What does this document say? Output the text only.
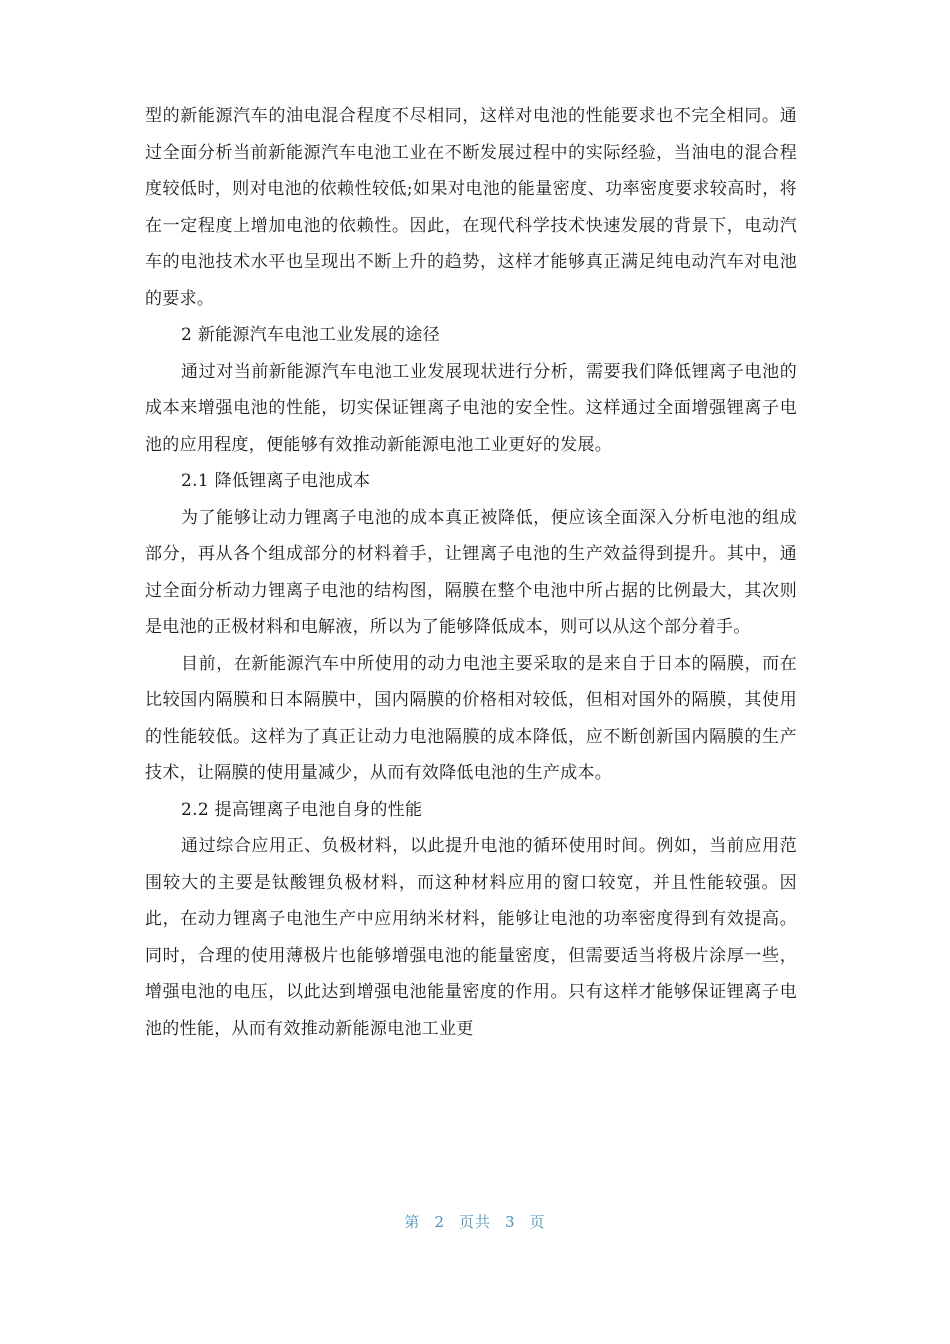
型的新能源汽车的油电混合程度不尽相同，这样对电池的性能要求也不完全相同。通过全面分析当前新能源汽车电池工业在不断发展过程中的实际经验，当油电的混合程度较低时，则对电池的依赖性较低;如果对电池的能量密度、功率密度要求较高时，将在一定程度上增加电池的依赖性。因此，在现代科学技术快速发展的背景下，电动汽车的电池技术水平也呈现出不断上升的趋势，这样才能够真正满足纯电动汽车对电池的要求。

2 新能源汽车电池工业发展的途径

通过对当前新能源汽车电池工业发展现状进行分析，需要我们降低锂离子电池的成本来增强电池的性能，切实保证锂离子电池的安全性。这样通过全面增强锂离子电池的应用程度，便能够有效推动新能源电池工业更好的发展。

2.1 降低锂离子电池成本

为了能够让动力锂离子电池的成本真正被降低，便应该全面深入分析电池的组成部分，再从各个组成部分的材料着手，让锂离子电池的生产效益得到提升。其中，通过全面分析动力锂离子电池的结构图，隔膜在整个电池中所占据的比例最大，其次则是电池的正极材料和电解液，所以为了能够降低成本，则可以从这个部分着手。

目前，在新能源汽车中所使用的动力电池主要采取的是来自于日本的隔膜，而在比较国内隔膜和日本隔膜中，国内隔膜的价格相对较低，但相对国外的隔膜，其使用的性能较低。这样为了真正让动力电池隔膜的成本降低，应不断创新国内隔膜的生产技术，让隔膜的使用量减少，从而有效降低电池的生产成本。

2.2 提高锂离子电池自身的性能

通过综合应用正、负极材料，以此提升电池的循环使用时间。例如，当前应用范围较大的主要是钛酸锂负极材料，而这种材料应用的窗口较宽，并且性能较强。因此，在动力锂离子电池生产中应用纳米材料，能够让电池的功率密度得到有效提高。同时，合理的使用薄极片也能够增强电池的能量密度，但需要适当将极片涂厚一些，增强电池的电压，以此达到增强电池能量密度的作用。只有这样才能够保证锂离子电池的性能，从而有效推动新能源电池工业更

第 2 页共 3 页
